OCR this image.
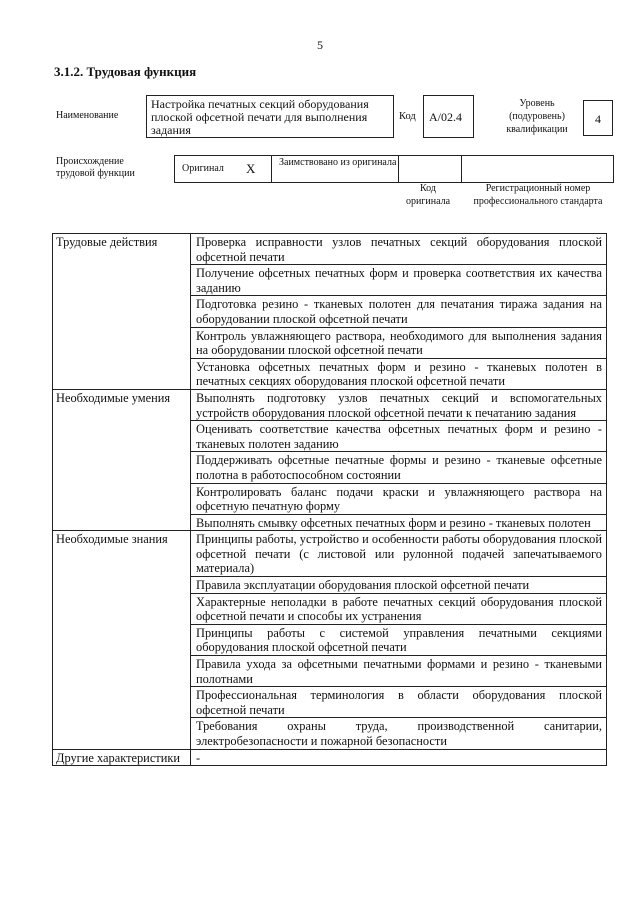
5
3.1.2. Трудовая функция
Наименование
Настройка печатных секций оборудования плоской офсетной печати для выполнения задания
Код	А/02.4
Уровень (подуровень) квалификации
4
Происхождение трудовой функции	Оригинал X	Заимствовано из оригинала
Код оригинала
Регистрационный номер профессионального стандарта
Трудовые действия	Проверка исправности узлов печатных секций оборудования плоской офсетной печати
	Получение офсетных печатных форм и проверка соответствия их качества заданию
	Подготовка резино - тканевых полотен для печатания тиража задания на оборудовании плоской офсетной печати
	Контроль увлажняющего раствора, необходимого для выполнения задания на оборудовании плоской офсетной печати
	Установка офсетных печатных форм и резино - тканевых полотен в печатных секциях оборудования плоской офсетной печати
Необходимые умения	Выполнять подготовку узлов печатных секций и вспомогательных устройств оборудования плоской офсетной печати к печатанию задания
	Оценивать соответствие качества офсетных печатных форм и резино - тканевых полотен заданию
	Поддерживать офсетные печатные формы и резино - тканевые офсетные полотна в работоспособном состоянии
	Контролировать баланс подачи краски и увлажняющего раствора на офсетную печатную форму
	Выполнять смывку офсетных печатных форм и резино - тканевых полотен
Необходимые знания	Принципы работы, устройство и особенности работы оборудования плоской офсетной печати (с листовой или рулонной подачей запечатываемого материала)
	Правила эксплуатации оборудования плоской офсетной печати
	Характерные неполадки в работе печатных секций оборудования плоской офсетной печати и способы их устранения
	Принципы работы с системой управления печатными секциями оборудования плоской офсетной печати
	Правила ухода за офсетными печатными формами и резино - тканевыми полотнами
	Профессиональная терминология в области оборудования плоской офсетной печати
	Требования охраны труда, производственной санитарии, электробезопасности и пожарной безопасности
Другие характеристики	-
